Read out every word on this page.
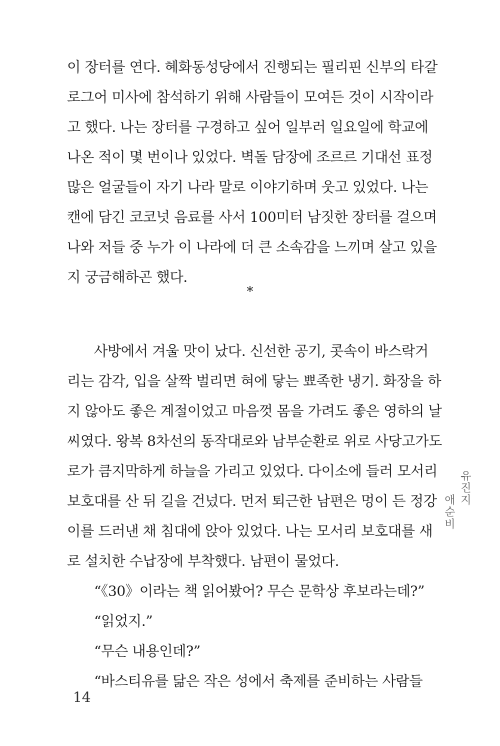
이 장터를 연다. 혜화동성당에서 진행되는 필리핀 신부의 타갈
로그어 미사에 참석하기 위해 사람들이 모여든 것이 시작이라
고 했다. 나는 장터를 구경하고 싶어 일부러 일요일에 학교에
나온 적이 몇 번이나 있었다. 벽돌 담장에 조르르 기대선 표정
많은 얼굴들이 자기 나라 말로 이야기하며 웃고 있었다. 나는
캔에 담긴 코코넛 음료를 사서 100미터 남짓한 장터를 걸으며
나와 저들 중 누가 이 나라에 더 큰 소속감을 느끼며 살고 있을
지 궁금해하곤 했다.
*
사방에서 겨울 맛이 났다. 신선한 공기, 콧속이 바스락거
리는 감각, 입을 살짝 벌리면 혀에 닿는 뾰족한 냉기. 화장을 하
지 않아도 좋은 계절이었고 마음껏 몸을 가려도 좋은 영하의 날
씨였다. 왕복 8차선의 동작대로와 남부순환로 위로 사당고가도
로가 큼지막하게 하늘을 가리고 있었다. 다이소에 들러 모서리
보호대를 산 뒤 길을 건넜다. 먼저 퇴근한 남편은 멍이 든 정강
이를 드러낸 채 침대에 앉아 있었다. 나는 모서리 보호대를 새
로 설치한 수납장에 부착했다. 남편이 물었다.
“《30》이라는 책 읽어봤어? 무슨 문학상 후보라는데?”
“읽었지.”
“무슨 내용인데?”
“바스티유를 닮은 작은 성에서 축제를 준비하는 사람들
유진지
애순비
14
